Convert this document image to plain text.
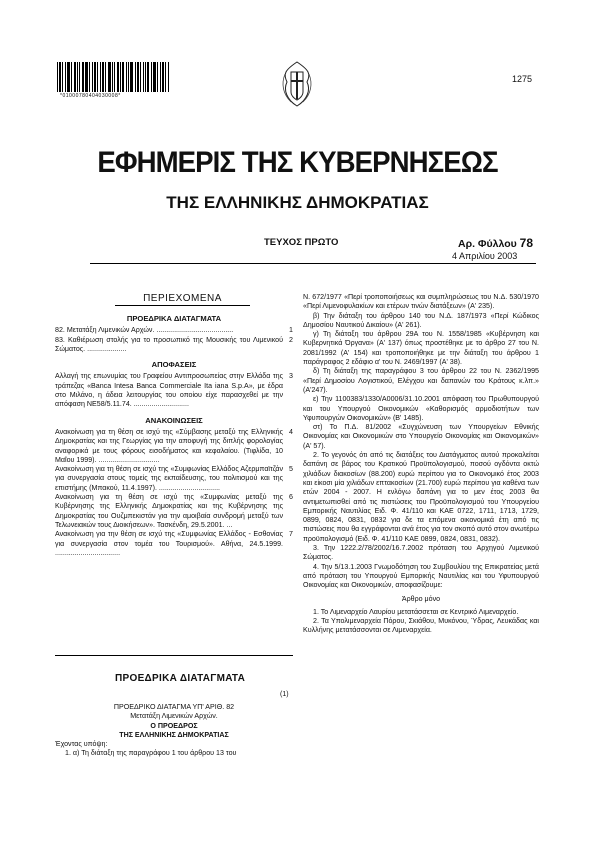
*01000780404030008*
1275
ΕΦΗΜΕΡΙΣ ΤΗΣ ΚΥΒΕΡΝΗΣΕΩΣ
ΤΗΣ ΕΛΛΗΝΙΚΗΣ ΔΗΜΟΚΡΑΤΙΑΣ
ΤΕΥΧΟΣ ΠΡΩΤΟ	Αρ. Φύλλου 78
4 Απριλίου 2003
ΠΕΡΙΕΧΟΜΕΝΑ
ΠΡΟΕΔΡΙΚΑ ΔΙΑΤΑΓΜΑΤΑ
82. Μετατάξη Λιμενικών Αρχών. .......................................	1
83. Καθιέρωση στολής για το προσωπικό της Μουσικής του Λιμενικού Σώματος. ....................
2
ΑΠΟΦΑΣΕΙΣ
Αλλαγή της επωνυμίας του Γραφείου Αντιπροσωπείας στην Ελλάδα της τράπεζας «Banca Intesa Banca Commerciale Ita iana S.p.A», με έδρα στο Μιλάνο, η άδεια λειτουργίας του οποίου είχε παρασχεθεί με την απόφαση ΝΕ58/5.11.74. ............................
3
ΑΝΑΚΟΙΝΩΣΕΙΣ
Ανακοίνωση για τη θέση σε ισχύ της «Σύμβασης μεταξύ της Ελληνικής Δημοκρατίας και της Γεωργίας για την αποφυγή της διπλής φορολογίας αναφορικά με τους φόρους εισοδήματος και κεφαλαίου. (Τιφλίδα, 10 Μαΐου 1999). ...............................
4
Ανακοίνωση για τη θέση σε ισχύ της «Συμφωνίας Ελλάδος Αζερμπαϊτζάν για συνεργασία στους τομείς της εκπαίδευσης, του πολιτισμού και της επιστήμης (Μπακού, 11.4.1997). ...............................
5
Ανακοίνωση για τη θέση σε ισχύ της «Συμφωνίας μεταξύ της Κυβέρνησης της Ελληνικής Δημοκρατίας και της Κυβέρνησης της Δημοκρατίας του Ουζμπεκιστάν για την αμοιβαία συνδρομή μεταξύ των Τελωνειακών τους Διοικήσεων». Τασκένδη, 29.5.2001. ...
6
Ανακοίνωση για την θέση σε ισχύ της «Συμφωνίας Ελλάδος - Εσθονίας για συνεργασία στον τομέα του Τουρισμού». Αθήνα, 24.5.1999. .................................
7
ΠΡΟΕΔΡΙΚΑ ΔΙΑΤΑΓΜΑΤΑ
(1)

ΠΡΟΕΔΡΙΚΟ ΔΙΑΤΑΓΜΑ ΥΠ' ΑΡΙΘ. 82

Μετατάξη Λιμενικών Αρχών.

Ο ΠΡΟΕΔΡΟΣ

ΤΗΣ ΕΛΛΗΝΙΚΗΣ ΔΗΜΟΚΡΑΤΙΑΣ

Έχοντας υπόψη:

1. α) Τη διάταξη της παραγράφου 1 του άρθρου 13 του

Ν. 672/1977 «Περί τροποποιήσεως και συμπληρώσεως του Ν.Δ. 530/1970 «Περί Λιμενοφυλακίων και ετέρων τινών διατάξεων» (Α' 235).

β) Την διάταξη του άρθρου 140 του Ν.Δ. 187/1973 «Περί Κώδικος Δημοσίου Ναυτικού Δικαίου» (Α' 261).

γ) Τη διάταξη του άρθρου 29Α του Ν. 1558/1985 «Κυβέρνηση και Κυβερνητικά Όργανα» (Α' 137) όπως προστέθηκε με το άρθρο 27 του Ν. 2081/1992 (Α' 154) και τροποποιήθηκε με την διάταξη του άρθρου 1 παράγραφος 2 εδάφιο α' του Ν. 2469/1997 (Α' 38).

δ) Τη διάταξη της παραγράφου 3 του άρθρου 22 του Ν. 2362/1995 «Περί Δημοσίου Λογιστικού, Ελέγχου και δαπανών του Κράτους κ.λπ.» (Α'247).

ε) Την 1100383/1330/Α0006/31.10.2001 απόφαση του Πρωθυπουργού και του Υπουργού Οικονομικών «Καθορισμός αρμοδιοτήτων των Υφυπουργών Οικονομικών» (Β' 1485).

στ) Το Π.Δ. 81/2002 «Συγχώνευση των Υπουργείων Εθνικής Οικονομίας και Οικονομικών στο Υπουργείο Οικονομίας και Οικονομικών» (Α' 57).

2. Το γεγονός ότι από τις διατάξεις του Διατάγματος αυτού προκαλείται δαπάνη σε βάρος του Κρατικού Προϋπολογισμού, ποσού ογδόντα οκτώ χιλιάδων διακοσίων (88.200) ευρώ περίπου για το Οικονομικό έτος 2003 και είκοσι μία χιλιάδων επτακοσίων (21.700) ευρώ περίπου για καθένα των ετών 2004 - 2007. Η ενλόγω δαπάνη για το μεν έτος 2003 θα αντιμετωπισθεί από τις πιστώσεις του Προϋπολογισμού του Υπουργείου Εμπορικής Ναυτιλίας Ειδ. Φ. 41/110 και ΚΑΕ 0722, 1711, 1713, 1729, 0899, 0824, 0831, 0832 για δε τα επόμενα οικονομικά έτη από τις πιστώσεις που θα εγγράφονται ανά έτος για τον σκοπό αυτό στον ανωτέρω προϋπολογισμό (Ειδ. Φ. 41/110 ΚΑΕ 0899, 0824, 0831, 0832).

3. Την 1222.2/78/2002/16.7.2002 πρόταση του Αρχηγού Λιμενικού Σώματος.

4. Την 5/13.1.2003 Γνωμοδότηση του Συμβουλίου της Επικρατείας μετά από πρόταση του Υπουργού Εμπορικής Ναυτιλίας και του Υφυπουργού Οικονομίας και Οικονομικών, αποφασίζουμε:

Άρθρο μόνο

1. Το Λιμεναρχείο Λαυρίου μετατάσσεται σε Κεντρικό Λιμεναρχείο.

2. Τα Υπολιμεναρχεία Πόρου, Σκιάθου, Μυκόνου, Ύδρας, Λευκάδας και Κυλλήνης μετατάσσονται σε Λιμεναρχεία.
